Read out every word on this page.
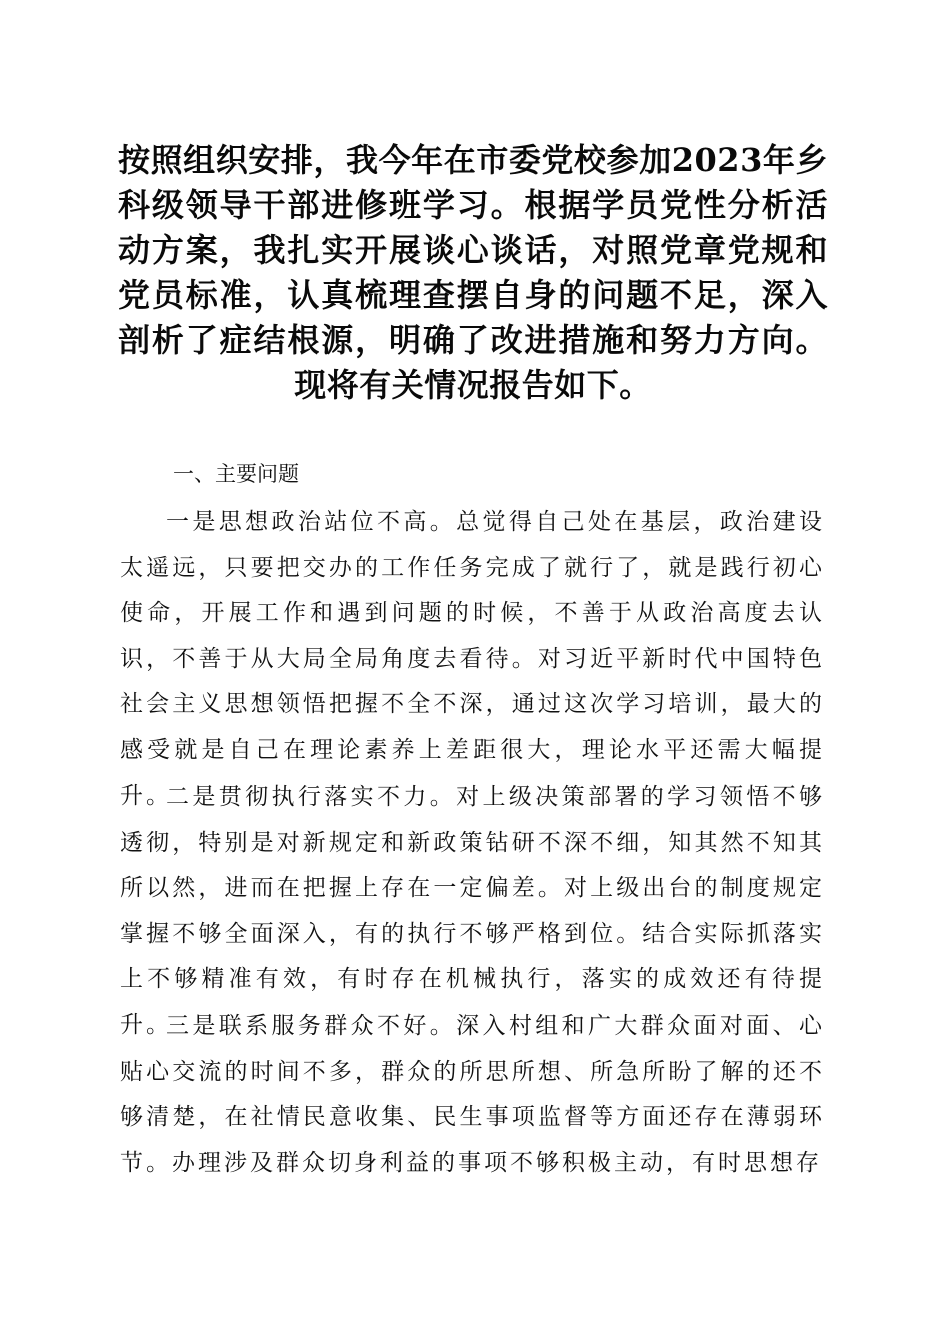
按照组织安排，我今年在市委党校参加2023年乡科级领导干部进修班学习。根据学员党性分析活动方案，我扎实开展谈心谈话，对照党章党规和党员标准，认真梳理查摆自身的问题不足，深入剖析了症结根源，明确了改进措施和努力方向。现将有关情况报告如下。

一、主要问题

一是思想政治站位不高。总觉得自己处在基层，政治建设太遥远，只要把交办的工作任务完成了就行了，就是践行初心使命，开展工作和遇到问题的时候，不善于从政治高度去认识，不善于从大局全局角度去看待。对习近平新时代中国特色社会主义思想领悟把握不全不深，通过这次学习培训，最大的感受就是自己在理论素养上差距很大，理论水平还需大幅提升。

二是贯彻执行落实不力。对上级决策部署的学习领悟不够透彻，特别是对新规定和新政策钻研不深不细，知其然不知其所以然，进而在把握上存在一定偏差。对上级出台的制度规定掌握不够全面深入，有的执行不够严格到位。结合实际抓落实上不够精准有效，有时存在机械执行，落实的成效还有待提升。

三是联系服务群众不好。深入村组和广大群众面对面、心贴心交流的时间不多，群众的所思所想、所急所盼了解的还不够清楚，在社情民意收集、民生事项监督等方面还存在薄弱环节。办理涉及群众切身利益的事项不够积极主动，有时思想存
